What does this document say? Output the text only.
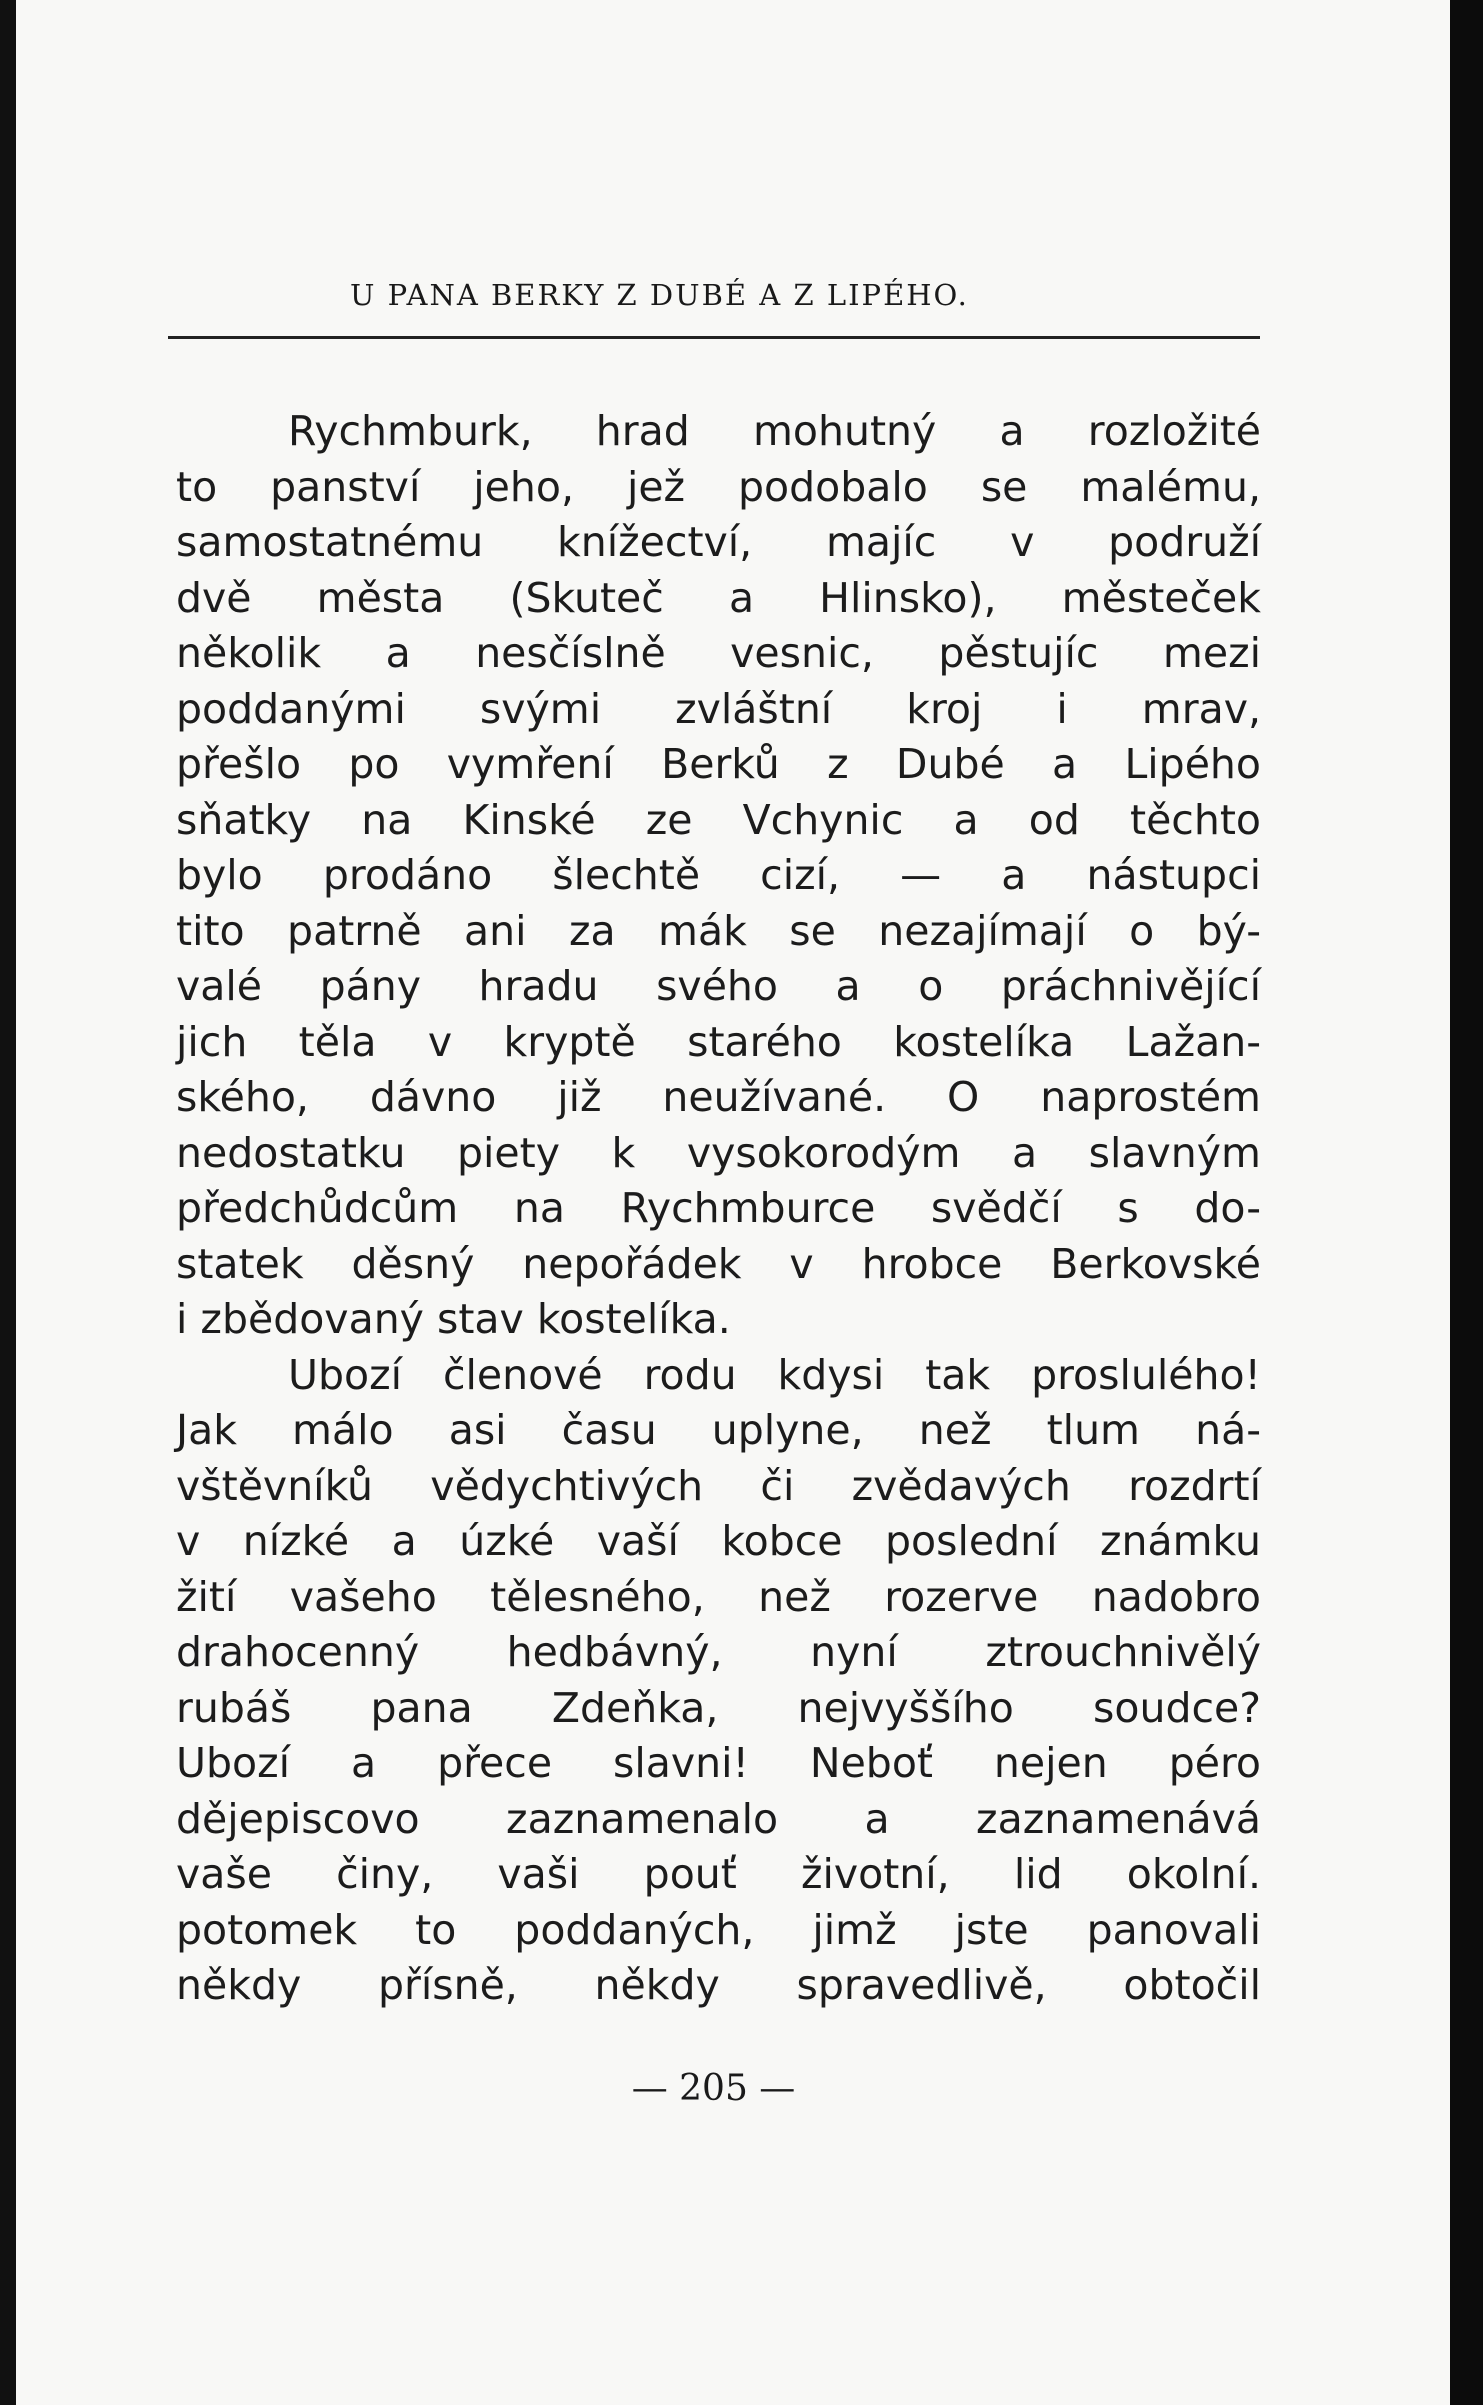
U PANA BERKY Z DUBÉ A Z LIPÉHO.
Rychmburk, hrad mohutný a rozložité
to panství jeho, jež podobalo se malému,
samostatnému knížectví, majíc v podruží
dvě města (Skuteč a Hlinsko), městeček
několik a nesčíslně vesnic, pěstujíc mezi
poddanými svými zvláštní kroj i mrav,
přešlo po vymření Berků z Dubé a Lipého
sňatky na Kinské ze Vchynic a od těchto
bylo prodáno šlechtě cizí, — a nástupci
tito patrně ani za mák se nezajímají o bý-
valé pány hradu svého a o práchnivějící
jich těla v kryptě starého kostelíka Lažan-
ského, dávno již neužívané. O naprostém
nedostatku piety k vysokorodým a slavným
předchůdcům na Rychmburce svědčí s do-
statek děsný nepořádek v hrobce Berkovské
i zbědovaný stav kostelíka.
Ubozí členové rodu kdysi tak proslulého!
Jak málo asi času uplyne, než tlum ná-
vštěvníků vědychtivých či zvědavých rozdrtí
v nízké a úzké vaší kobce poslední známku
žití vašeho tělesného, než rozerve nadobro
drahocenný hedbávný, nyní ztrouchnivělý
rubáš pana Zdeňka, nejvyššího soudce?
Ubozí a přece slavni! Neboť nejen péro
dějepiscovo zaznamenalo a zaznamenává
vaše činy, vaši pouť životní, lid okolní.
potomek to poddaných, jimž jste panovali
někdy přísně, někdy spravedlivě, obtočil
— 205 —
